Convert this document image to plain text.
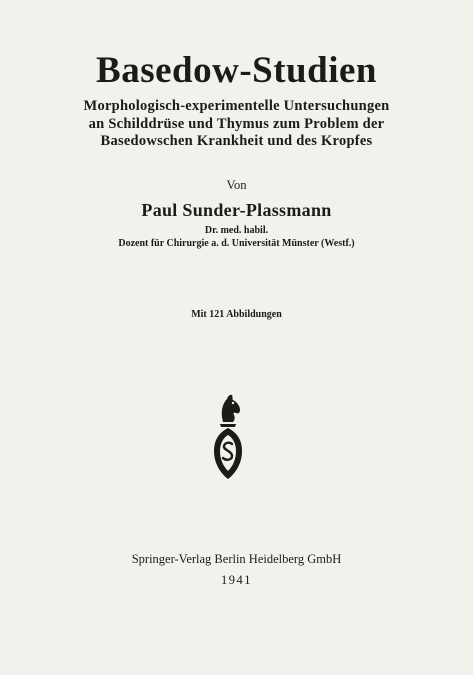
Basedow-Studien
Morphologisch-experimentelle Untersuchungen
an Schilddrüse und Thymus zum Problem der
Basedowschen Krankheit und des Kropfes
Von
Paul Sunder-Plassmann
Dr. med. habil.
Dozent für Chirurgie a. d. Universität Münster (Westf.)
Mit 121 Abbildungen
Springer-Verlag Berlin Heidelberg GmbH
1941
